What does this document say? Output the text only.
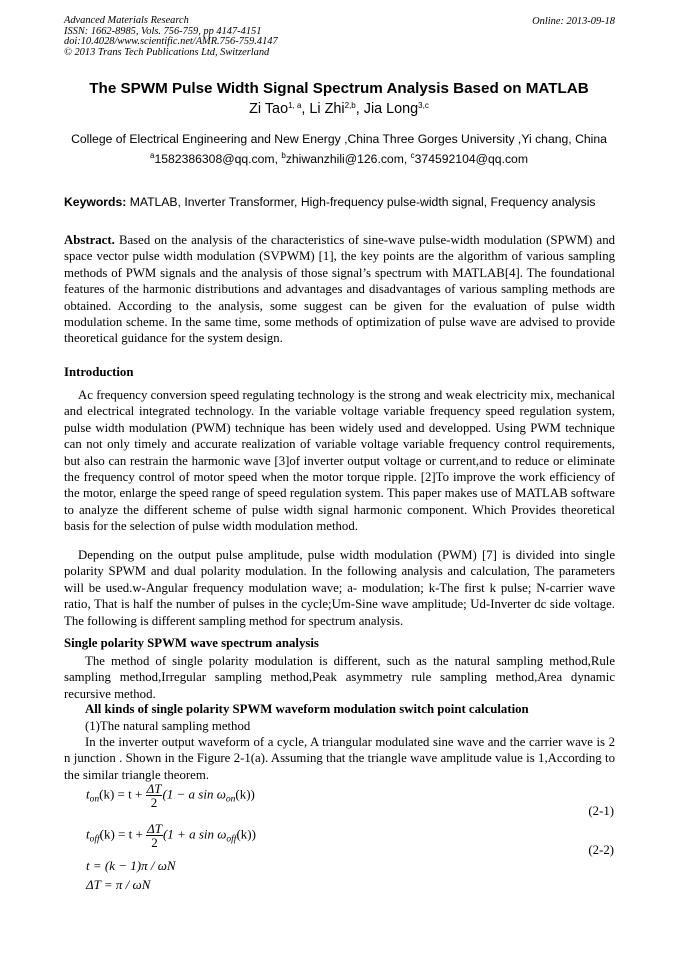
Advanced Materials Research
ISSN: 1662-8985, Vols. 756-759, pp 4147-4151
doi:10.4028/www.scientific.net/AMR.756-759.4147
© 2013 Trans Tech Publications Ltd, Switzerland
Online: 2013-09-18
The SPWM Pulse Width Signal Spectrum Analysis Based on MATLAB
Zi Tao$^{1, a}$, Li Zhi$^{2,b}$, Jia Long$^{3,c}$
College of Electrical Engineering and New Energy ,China Three Gorges University ,Yi chang, China
$^a$1582386308@qq.com, $^b$zhiwanzhili@126.com, $^c$374592104@qq.com
Keywords: MATLAB, Inverter Transformer, High-frequency pulse-width signal, Frequency analysis
Abstract. Based on the analysis of the characteristics of sine-wave pulse-width modulation (SPWM) and space vector pulse width modulation (SVPWM) [1], the key points are the algorithm of various sampling methods of PWM signals and the analysis of those signal’s spectrum with MATLAB[4]. The foundational features of the harmonic distributions and advantages and disadvantages of various sampling methods are obtained. According to the analysis, some suggest can be given for the evaluation of pulse width modulation scheme. In the same time, some methods of optimization of pulse wave are advised to provide theoretical guidance for the system design.
Introduction
Ac frequency conversion speed regulating technology is the strong and weak electricity mix, mechanical and electrical integrated technology. In the variable voltage variable frequency speed regulation system, pulse width modulation (PWM) technique has been widely used and developped. Using PWM technique can not only timely and accurate realization of variable voltage variable frequency control requirements, but also can restrain the harmonic wave [3]of inverter output voltage or current,and to reduce or eliminate the frequency control of motor speed when the motor torque ripple. [2]To improve the work efficiency of the motor, enlarge the speed range of speed regulation system. This paper makes use of MATLAB software to analyze the different scheme of pulse width signal harmonic component. Which Provides theoretical basis for the selection of pulse width modulation method.
Depending on the output pulse amplitude, pulse width modulation (PWM) [7] is divided into single polarity SPWM and dual polarity modulation. In the following analysis and calculation, The parameters will be used.w-Angular frequency modulation wave; a- modulation; k-The first k pulse; N-carrier wave ratio, That is half the number of pulses in the cycle;Um-Sine wave amplitude; Ud-Inverter dc side voltage. The following is different sampling method for spectrum analysis.
Single polarity SPWM wave spectrum analysis
The method of single polarity modulation is different, such as the natural sampling method,Rule sampling method,Irregular sampling method,Peak asymmetry rule sampling method,Area dynamic recursive method.
All kinds of single polarity SPWM waveform modulation switch point calculation
(1)The natural sampling method
In the inverter output waveform of a cycle, A triangular modulated sine wave and the carrier wave is 2 n junction . Shown in the Figure 2-1(a). Assuming that the triangle wave amplitude value is 1,According to the similar triangle theorem.
$t_{on}(k) = t + \frac{\Delta T}{2} (1 - a$ $\sin \omega_{on}(k)$)
(2-1)
$t_{off}(k) = t + \frac{\Delta T}{2} (1 + a$ $\sin \omega_{off}(k)$)
(2-2)
t = (k − 1)π / ωN
ΔT = π / ωN
